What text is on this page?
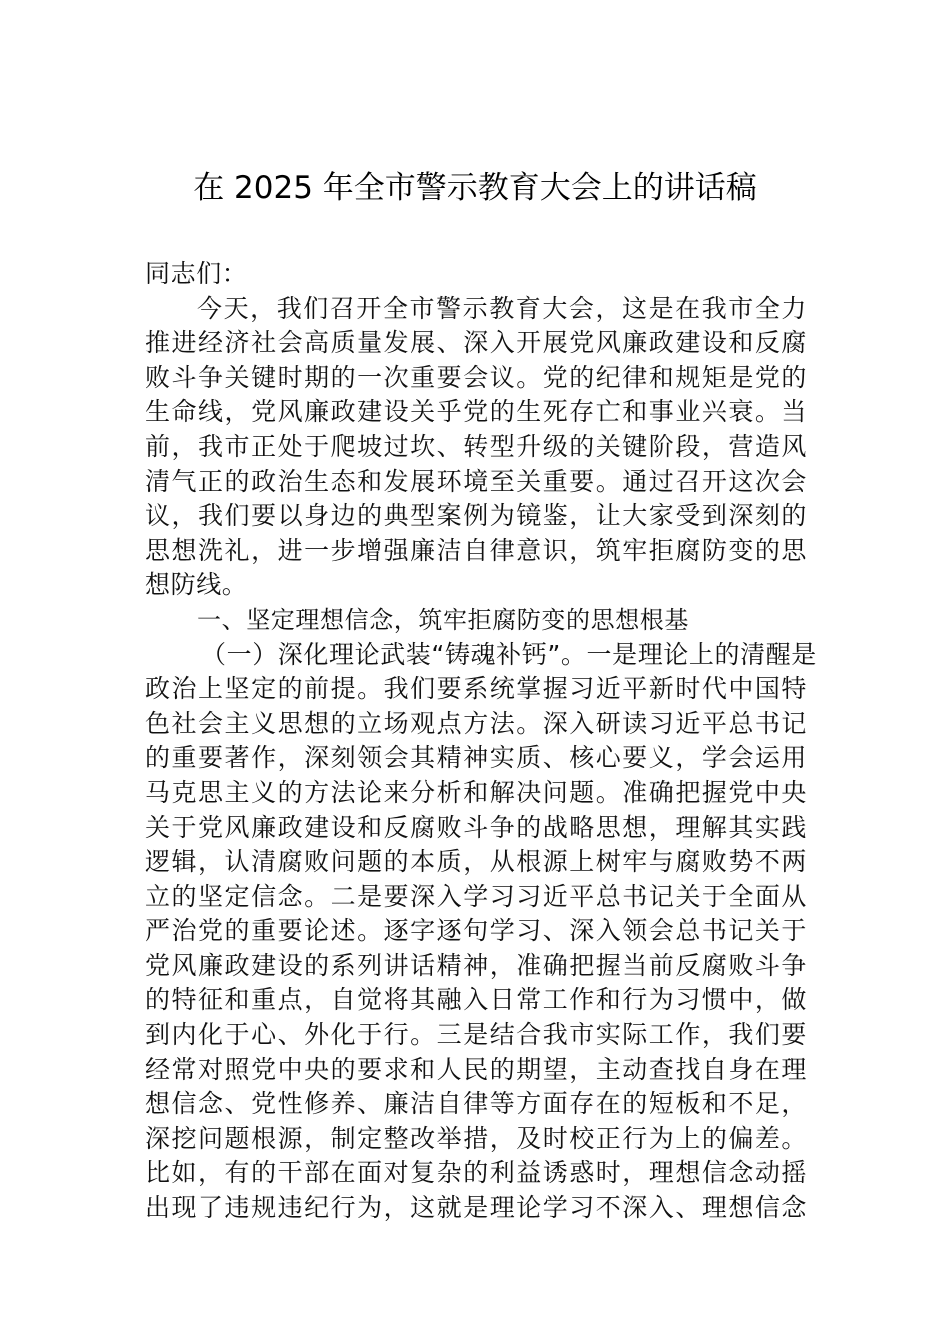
在 2025 年全市警示教育大会上的讲话稿
同志们：
今天，我们召开全市警示教育大会，这是在我市全力
推进经济社会高质量发展、深入开展党风廉政建设和反腐
败斗争关键时期的一次重要会议。党的纪律和规矩是党的
生命线，党风廉政建设关乎党的生死存亡和事业兴衰。当
前，我市正处于爬坡过坎、转型升级的关键阶段，营造风
清气正的政治生态和发展环境至关重要。通过召开这次会
议，我们要以身边的典型案例为镜鉴，让大家受到深刻的
思想洗礼，进一步增强廉洁自律意识，筑牢拒腐防变的思
想防线。
一、坚定理想信念，筑牢拒腐防变的思想根基
（一）深化理论武装“铸魂补钙”。一是理论上的清醒是
政治上坚定的前提。我们要系统掌握习近平新时代中国特
色社会主义思想的立场观点方法。深入研读习近平总书记
的重要著作，深刻领会其精神实质、核心要义，学会运用
马克思主义的方法论来分析和解决问题。准确把握党中央
关于党风廉政建设和反腐败斗争的战略思想，理解其实践
逻辑，认清腐败问题的本质，从根源上树牢与腐败势不两
立的坚定信念。二是要深入学习习近平总书记关于全面从
严治党的重要论述。逐字逐句学习、深入领会总书记关于
党风廉政建设的系列讲话精神，准确把握当前反腐败斗争
的特征和重点，自觉将其融入日常工作和行为习惯中，做
到内化于心、外化于行。三是结合我市实际工作，我们要
经常对照党中央的要求和人民的期望，主动查找自身在理
想信念、党性修养、廉洁自律等方面存在的短板和不足，
深挖问题根源，制定整改举措，及时校正行为上的偏差。
比如，有的干部在面对复杂的利益诱惑时，理想信念动摇
出现了违规违纪行为，这就是理论学习不深入、理想信念
